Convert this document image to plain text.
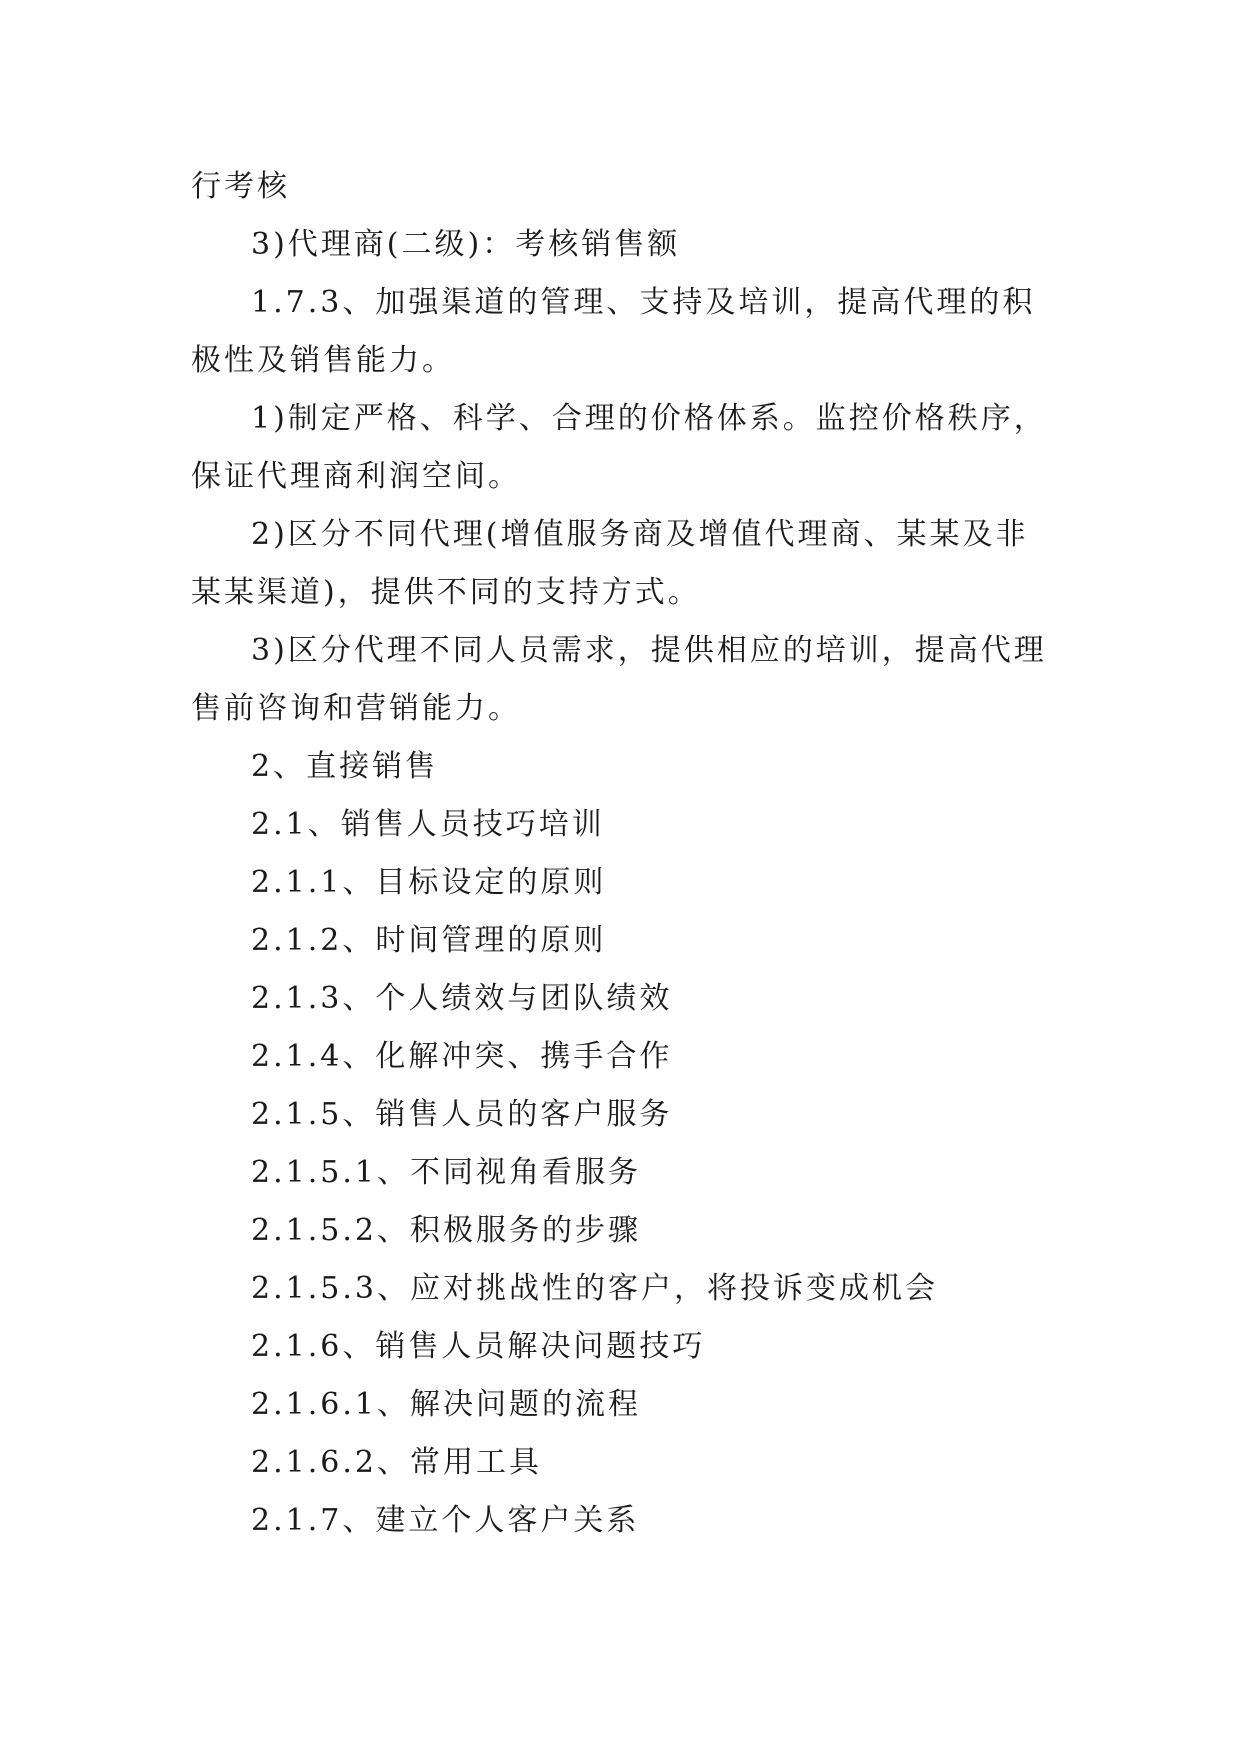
行考核

3)代理商(二级)：考核销售额

1.7.3、加强渠道的管理、支持及培训，提高代理的积极性及销售能力。

1)制定严格、科学、合理的价格体系。监控价格秩序，保证代理商利润空间。

2)区分不同代理(增值服务商及增值代理商、某某及非某某渠道)，提供不同的支持方式。

3)区分代理不同人员需求，提供相应的培训，提高代理售前咨询和营销能力。

2、直接销售

2.1、销售人员技巧培训

2.1.1、目标设定的原则

2.1.2、时间管理的原则

2.1.3、个人绩效与团队绩效

2.1.4、化解冲突、携手合作

2.1.5、销售人员的客户服务

2.1.5.1、不同视角看服务

2.1.5.2、积极服务的步骤

2.1.5.3、应对挑战性的客户，将投诉变成机会

2.1.6、销售人员解决问题技巧

2.1.6.1、解决问题的流程

2.1.6.2、常用工具

2.1.7、建立个人客户关系
